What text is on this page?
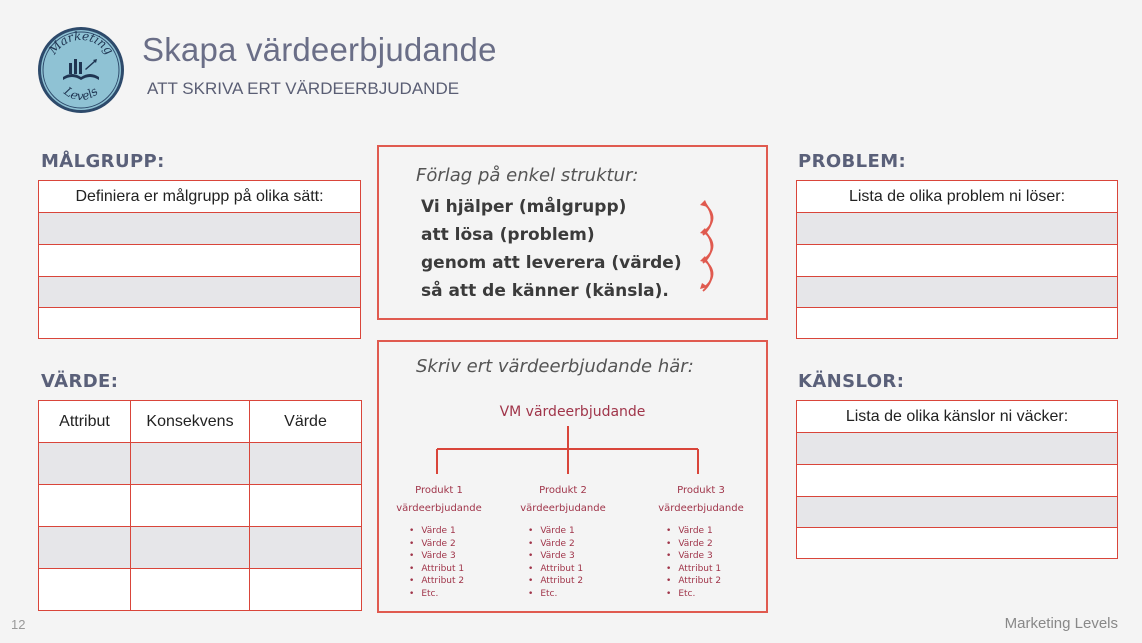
Marketing
Levels
Skapa värdeerbjudande
ATT SKRIVA ERT VÄRDEERBJUDANDE
MÅLGRUPP:
Definiera er målgrupp på olika sätt:
PROBLEM:
Lista de olika problem ni löser:
VÄRDE:
Attribut	Konsekvens	Värde
KÄNSLOR:
Lista de olika känslor ni väcker:
Förlag på enkel struktur:
Vi hjälper (målgrupp)
att lösa (problem)
genom att leverera (värde)
så att de känner (känsla).
Skriv ert värdeerbjudande här:
VM värdeerbjudande
Produkt 1
värdeerbjudande
• Värde 1
• Värde 2
• Värde 3
• Attribut 1
• Attribut 2
• Etc.
Produkt 2
värdeerbjudande
• Värde 1
• Värde 2
• Värde 3
• Attribut 1
• Attribut 2
• Etc.
Produkt 3
värdeerbjudande
• Värde 1
• Värde 2
• Värde 3
• Attribut 1
• Attribut 2
• Etc.
12	Marketing Levels
